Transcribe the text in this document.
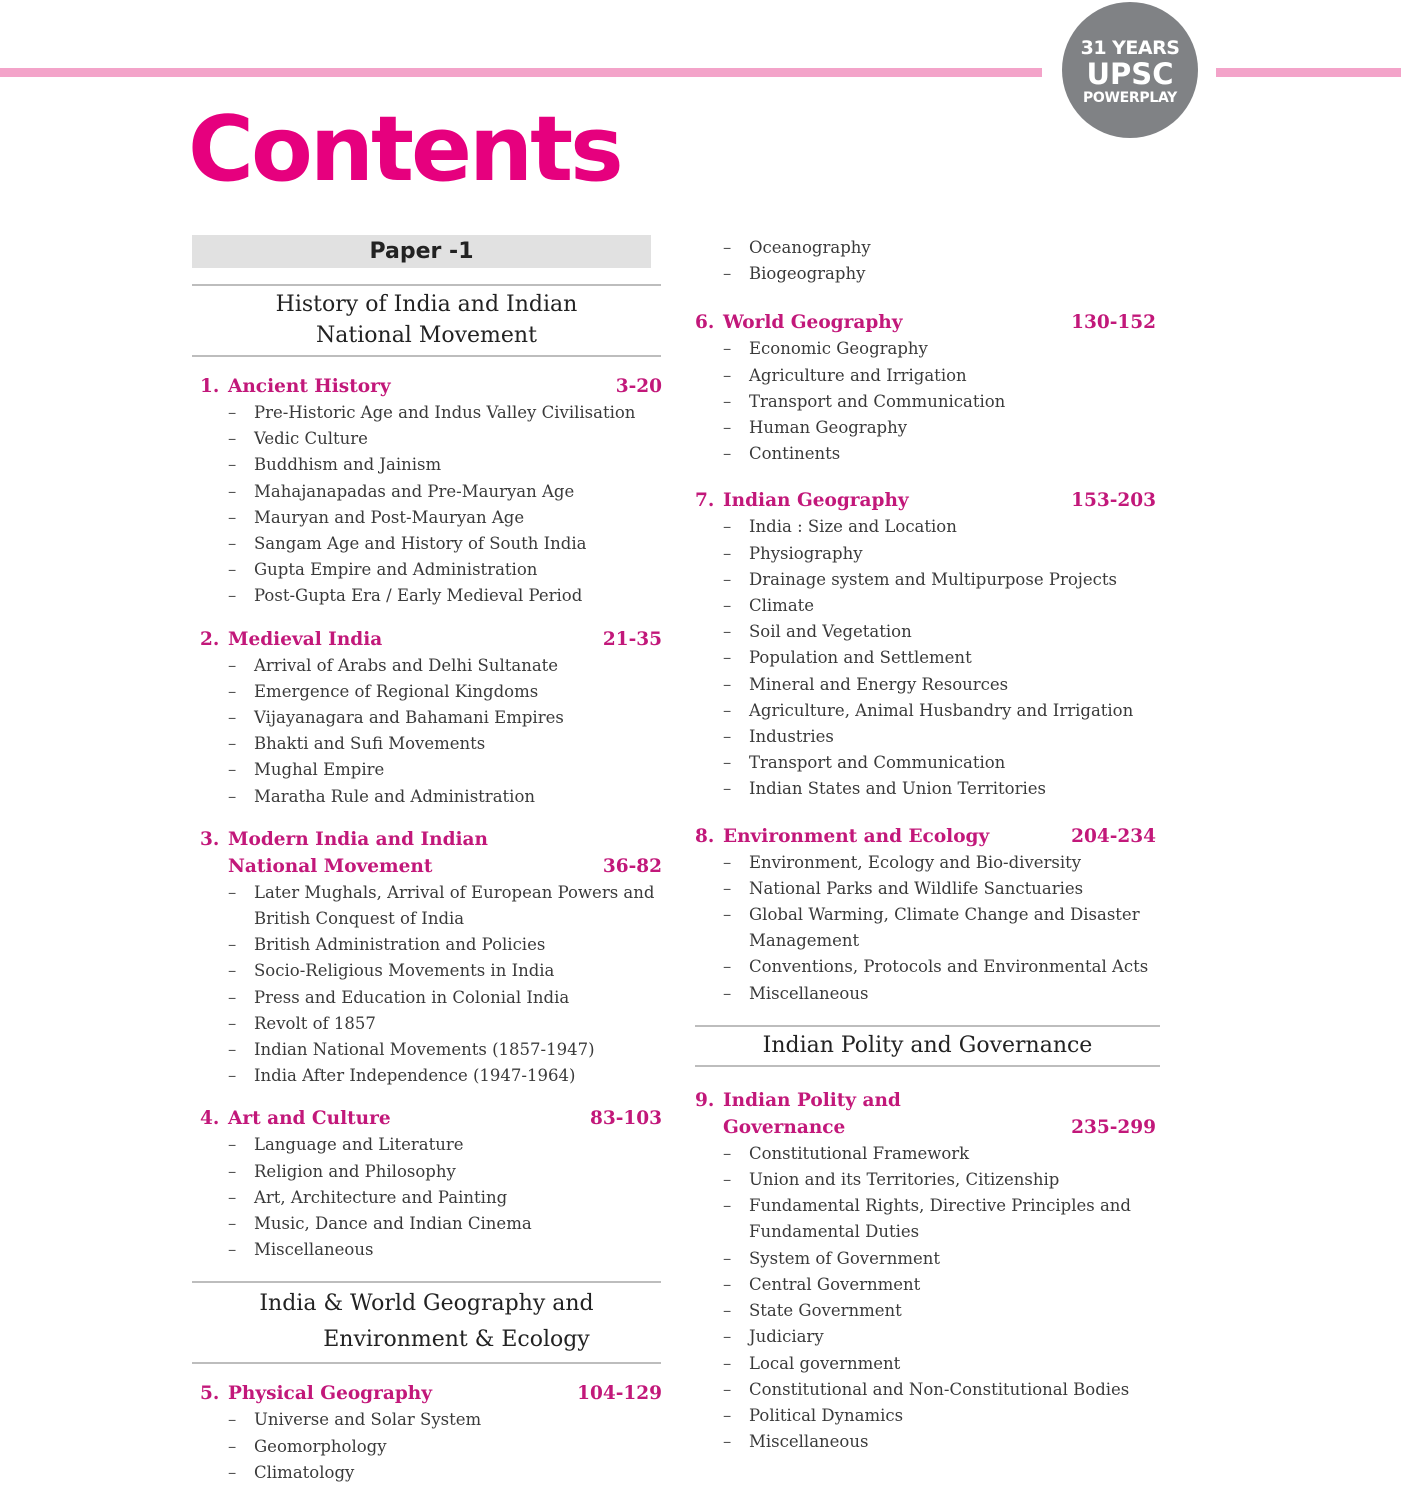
31 YEARS
UPSC
POWERPLAY
Contents
Paper -1
History of India and Indian
National Movement
1. Ancient History	3-20
– Pre-Historic Age and Indus Valley Civilisation
– Vedic Culture
– Buddhism and Jainism
– Mahajanapadas and Pre-Mauryan Age
– Mauryan and Post-Mauryan Age
– Sangam Age and History of South India
– Gupta Empire and Administration
– Post-Gupta Era / Early Medieval Period
2. Medieval India	21-35
– Arrival of Arabs and Delhi Sultanate
– Emergence of Regional Kingdoms
– Vijayanagara and Bahamani Empires
– Bhakti and Sufi Movements
– Mughal Empire
– Maratha Rule and Administration
3. Modern India and Indian
National Movement	36-82
– Later Mughals, Arrival of European Powers and British Conquest of India
– British Administration and Policies
– Socio-Religious Movements in India
– Press and Education in Colonial India
– Revolt of 1857
– Indian National Movements (1857-1947)
– India After Independence (1947-1964)
4. Art and Culture	83-103
– Language and Literature
– Religion and Philosophy
– Art, Architecture and Painting
– Music, Dance and Indian Cinema
– Miscellaneous
India & World Geography and
Environment & Ecology
5. Physical Geography	104-129
– Universe and Solar System
– Geomorphology
– Climatology
– Oceanography
– Biogeography
6. World Geography	130-152
– Economic Geography
– Agriculture and Irrigation
– Transport and Communication
– Human Geography
– Continents
7. Indian Geography	153-203
– India : Size and Location
– Physiography
– Drainage system and Multipurpose Projects
– Climate
– Soil and Vegetation
– Population and Settlement
– Mineral and Energy Resources
– Agriculture, Animal Husbandry and Irrigation
– Industries
– Transport and Communication
– Indian States and Union Territories
8. Environment and Ecology	204-234
– Environment, Ecology and Bio-diversity
– National Parks and Wildlife Sanctuaries
– Global Warming, Climate Change and Disaster Management
– Conventions, Protocols and Environmental Acts
– Miscellaneous
Indian Polity and Governance
9. Indian Polity and Governance	235-299
– Constitutional Framework
– Union and its Territories, Citizenship
– Fundamental Rights, Directive Principles and Fundamental Duties
– System of Government
– Central Government
– State Government
– Judiciary
– Local government
– Constitutional and Non-Constitutional Bodies
– Political Dynamics
– Miscellaneous
